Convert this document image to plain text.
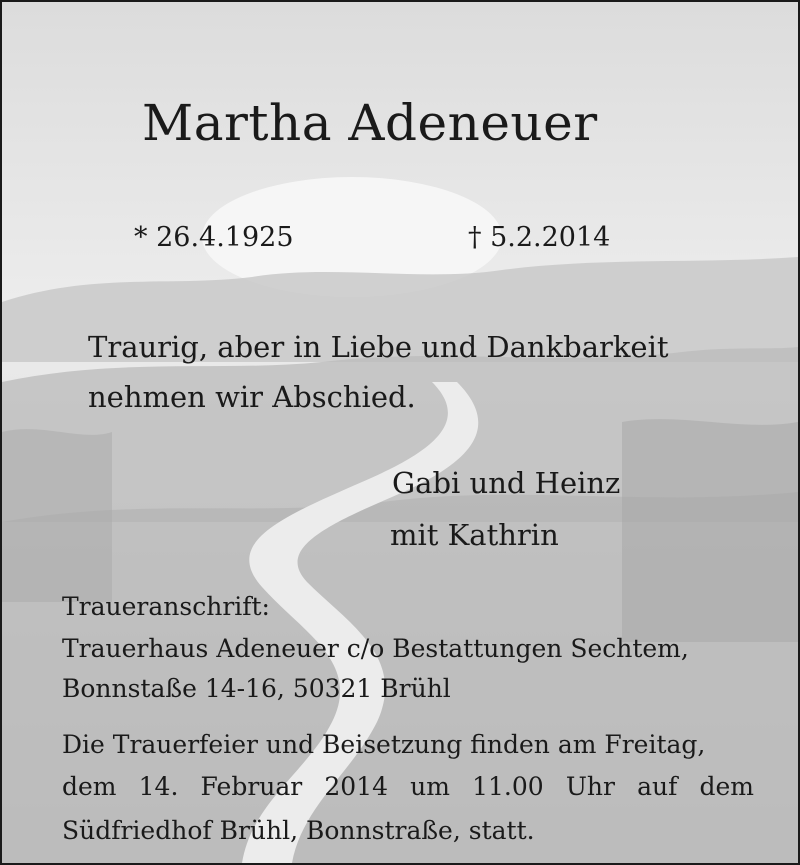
Martha Adeneuer
* 26.4.1925	† 5.2.2014
Traurig, aber in Liebe und Dankbarkeit
nehmen wir Abschied.
Gabi und Heinz
mit Kathrin
Traueranschrift:
Trauerhaus Adeneuer c/o Bestattungen Sechtem,
Bonnstaße 14-16, 50321 Brühl
Die Trauerfeier und Beisetzung finden am Freitag,
dem 14. Februar 2014 um 11.00 Uhr auf dem
Südfriedhof Brühl, Bonnstraße, statt.
